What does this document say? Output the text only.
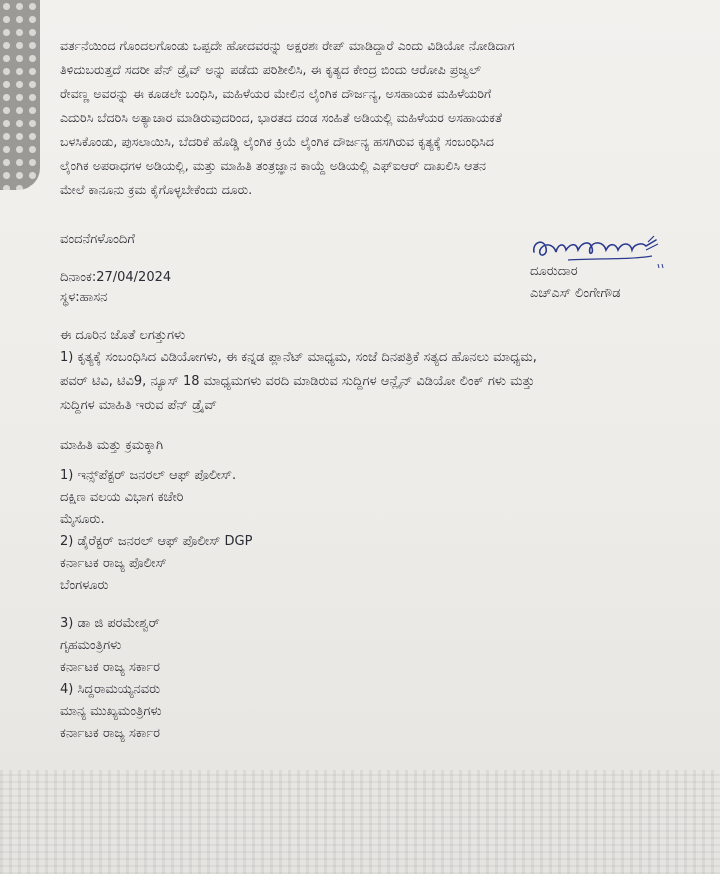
ವರ್ತನೆಯಿಂದ ಗೊಂದಲಗೊಂಡು ಒಪ್ಪದೇ ಹೋದವರನ್ನು ಅಕ್ಷರಶಃ ರೇಪ್ ಮಾಡಿದ್ದಾರೆ ಎಂದು ವಿಡಿಯೋ ನೋಡಿದಾಗ
ತಿಳಿದುಬರುತ್ತದೆ ಸದರೀ ಪೆನ್ ಡ್ರೈವ್ ಅನ್ನು ಪಡೆದು ಪರಿಶೀಲಿಸಿ, ಈ ಕೃತ್ಯದ ಕೇಂದ್ರ ಬಿಂದು ಆರೋಪಿ ಪ್ರಜ್ವಲ್
ರೇವಣ್ಣ ಅವರನ್ನು ಈ ಕೂಡಲೇ ಬಂಧಿಸಿ, ಮಹಿಳೆಯರ ಮೇಲಿನ ಲೈಂಗಿಕ ದೌರ್ಜನ್ಯ, ಅಸಹಾಯಕ ಮಹಿಳೆಯರಿಗೆ
ಎದುರಿಸಿ ಬೆದರಿಸಿ ಅತ್ಯಾಚಾರ ಮಾಡಿರುವುದರಿಂದ, ಭಾರತದ ದಂಡ ಸಂಹಿತೆ ಅಡಿಯಲ್ಲಿ ಮಹಿಳೆಯರ ಅಸಹಾಯಕತೆ
ಬಳಸಿಕೊಂಡು, ಪುಸಲಾಯಿಸಿ, ಬೆದರಿಕೆ ಹೊಡ್ಡಿ ಲೈಂಗಿಕ ಕ್ರಿಯೆ ಲೈಂಗಿಕ ದೌರ್ಜನ್ಯ ಹಸಗಿರುವ ಕೃತ್ಯಕ್ಕೆ ಸಂಬಂಧಿಸಿದ
ಲೈಂಗಿಕ ಅಪರಾಧಗಳ ಅಡಿಯಲ್ಲಿ, ಮತ್ತು ಮಾಹಿತಿ ತಂತ್ರಜ್ಞಾನ ಕಾಯ್ದೆ ಅಡಿಯಲ್ಲಿ ಎಫ್‌ಐಆರ್ ದಾಖಲಿಸಿ ಆತನ
ಮೇಲೆ ಕಾನೂನು ಕ್ರಮ ಕೈಗೊಳ್ಳಬೇಕೆಂದು ದೂರು.
ವಂದನೆಗಳೊಂದಿಗೆ
ದಿನಾಂಕ:27/04/2024	ದೂರುದಾರ
ಸ್ಥಳ:ಹಾಸನ	ಎಚ್‌ಎಸ್ ಲಿಂಗೇಗೌಡ
ಈ ದೂರಿನ ಜೊತೆ ಲಗತ್ತುಗಳು
1) ಕೃತ್ಯಕ್ಕೆ ಸಂಬಂಧಿಸಿದ ವಿಡಿಯೋಗಳು, ಈ ಕನ್ನಡ ಪ್ಲಾನೆಟ್ ಮಾಧ್ಯಮ, ಸಂಜೆ ದಿನಪತ್ರಿಕೆ ಸತ್ಯದ ಹೊನಲು ಮಾಧ್ಯಮ,
ಪವರ್ ಟಿವಿ, ಟಿವಿ9, ನ್ಯೂಸ್ 18 ಮಾಧ್ಯಮಗಳು ವರದಿ ಮಾಡಿರುವ ಸುದ್ದಿಗಳ ಆನ್ಲೈನ್ ವಿಡಿಯೋ ಲಿಂಕ್ ಗಳು ಮತ್ತು
ಸುದ್ದಿಗಳ ಮಾಹಿತಿ ಇರುವ ಪೆನ್ ಡ್ರೈವ್
ಮಾಹಿತಿ ಮತ್ತು ಕ್ರಮಕ್ಕಾಗಿ
1) ಇನ್ಸ್‌ಪೆಕ್ಟರ್ ಜನರಲ್ ಆಫ್ ಪೊಲೀಸ್.
ದಕ್ಷಿಣ ವಲಯ ವಿಭಾಗ ಕಚೇರಿ
ಮೈಸೂರು.
2) ಡೈರೆಕ್ಟರ್ ಜನರಲ್ ಆಫ್ ಪೊಲೀಸ್ DGP
ಕರ್ನಾಟಕ ರಾಜ್ಯ ಪೊಲೀಸ್
ಬೆಂಗಳೂರು
3) ಡಾ ಜಿ ಪರಮೇಶ್ವರ್
ಗೃಹಮಂತ್ರಿಗಳು
ಕರ್ನಾಟಕ ರಾಜ್ಯ ಸರ್ಕಾರ
4) ಸಿದ್ದರಾಮಯ್ಯನವರು
ಮಾನ್ಯ ಮುಖ್ಯಮಂತ್ರಿಗಳು
ಕರ್ನಾಟಕ ರಾಜ್ಯ ಸರ್ಕಾರ
